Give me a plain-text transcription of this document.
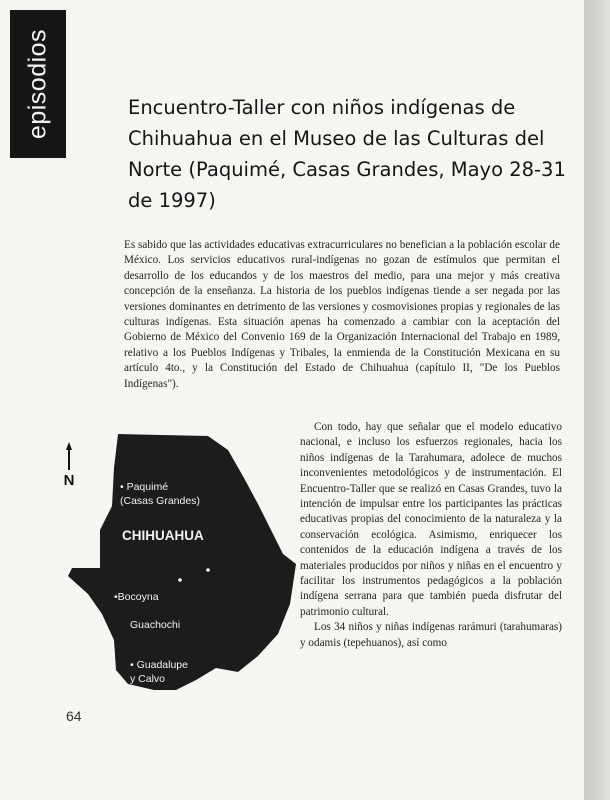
episodios	Encuentro-Taller con niños indígenas de Chihuahua en el Museo de las Culturas del Norte (Paquimé, Casas Grandes, Mayo 28-31 de 1997)

Es sabido que las actividades educativas extracurriculares no benefician a la población escolar de México. Los servicios educativos rural-indígenas no gozan de estímulos que permitan el desarrollo de los educandos y de los maestros del medio, para una mejor y más creativa concepción de la enseñanza. La historia de los pueblos indígenas tiende a ser negada por las versiones dominantes en detrimento de las versiones y cosmovisiones propias y regionales de las culturas indígenas. Esta situación apenas ha comenzado a cambiar con la aceptación del Gobierno de México del Convenio 169 de la Organización Internacional del Trabajo en 1989, relativo a los Pueblos Indígenas y Tribales, la enmienda de la Constitución Mexicana en su artículo 4to., y la Constitución del Estado de Chihuahua (capítulo II, "De los Pueblos Indígenas").

N	• Paquimé
(Casas Grandes)
CHIHUAHUA
•Bocoyna
Guachochi
• Guadalupe
y Calvo

Con todo, hay que señalar que el modelo educativo nacional, e incluso los esfuerzos regionales, hacia los niños indígenas de la Tarahumara, adolece de muchos inconvenientes metodológicos y de instrumentación. El Encuentro-Taller que se realizó en Casas Grandes, tuvo la intención de impulsar entre los participantes las prácticas educativas propias del conocimiento de la naturaleza y la conservación ecológica. Asimismo, enriquecer los contenidos de la educación indígena a través de los materiales producidos por niños y niñas en el encuentro y facilitar los instrumentos pedagógicos a la población indígena serrana para que también pueda disfrutar del patrimonio cultural.

Los 34 niños y niñas indígenas rarámuri (tarahumaras) y odamis (tepehuanos), así como

64
